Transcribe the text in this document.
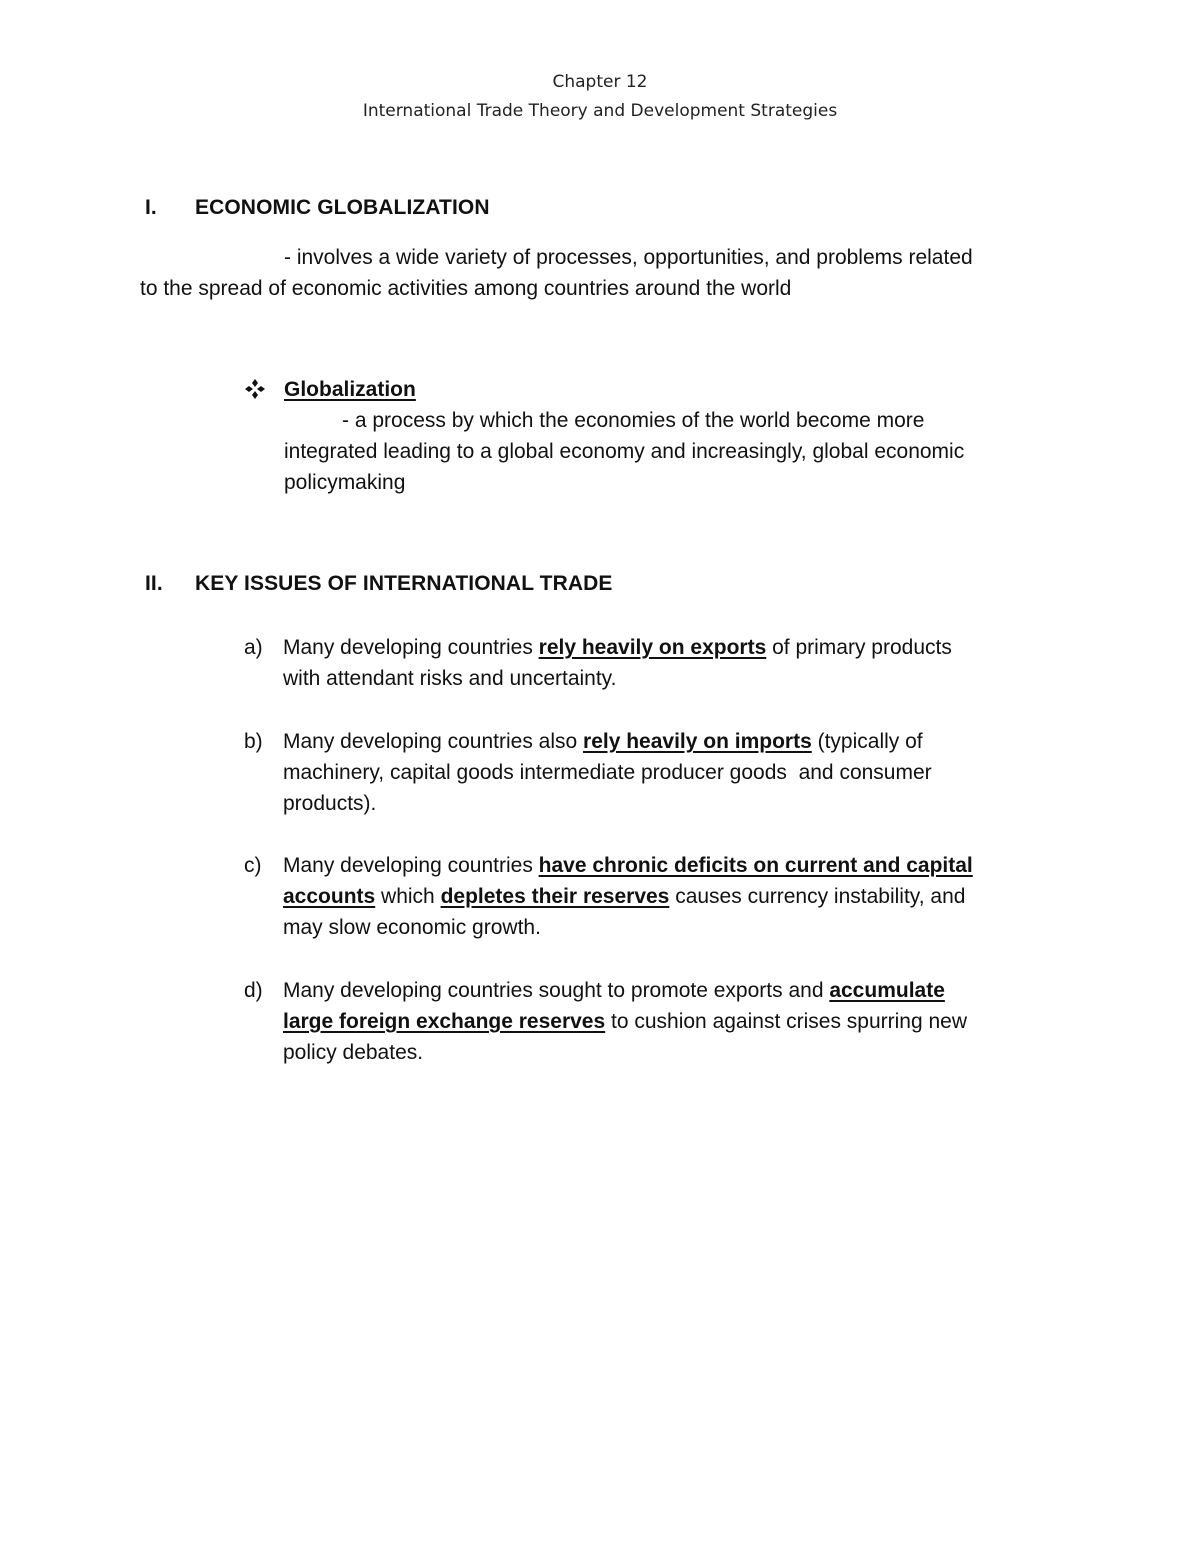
Chapter 12
International Trade Theory and Development Strategies
I. ECONOMIC GLOBALIZATION
- involves a wide variety of processes, opportunities, and problems related
to the spread of economic activities among countries around the world
Globalization
- a process by which the economies of the world become more
integrated leading to a global economy and increasingly, global economic
policymaking
II. KEY ISSUES OF INTERNATIONAL TRADE
a) Many developing countries rely heavily on exports of primary products
with attendant risks and uncertainty.
b) Many developing countries also rely heavily on imports (typically of
machinery, capital goods intermediate producer goods  and consumer
products).
c) Many developing countries have chronic deficits on current and capital
accounts which depletes their reserves causes currency instability, and
may slow economic growth.
d) Many developing countries sought to promote exports and accumulate
large foreign exchange reserves to cushion against crises spurring new
policy debates.
